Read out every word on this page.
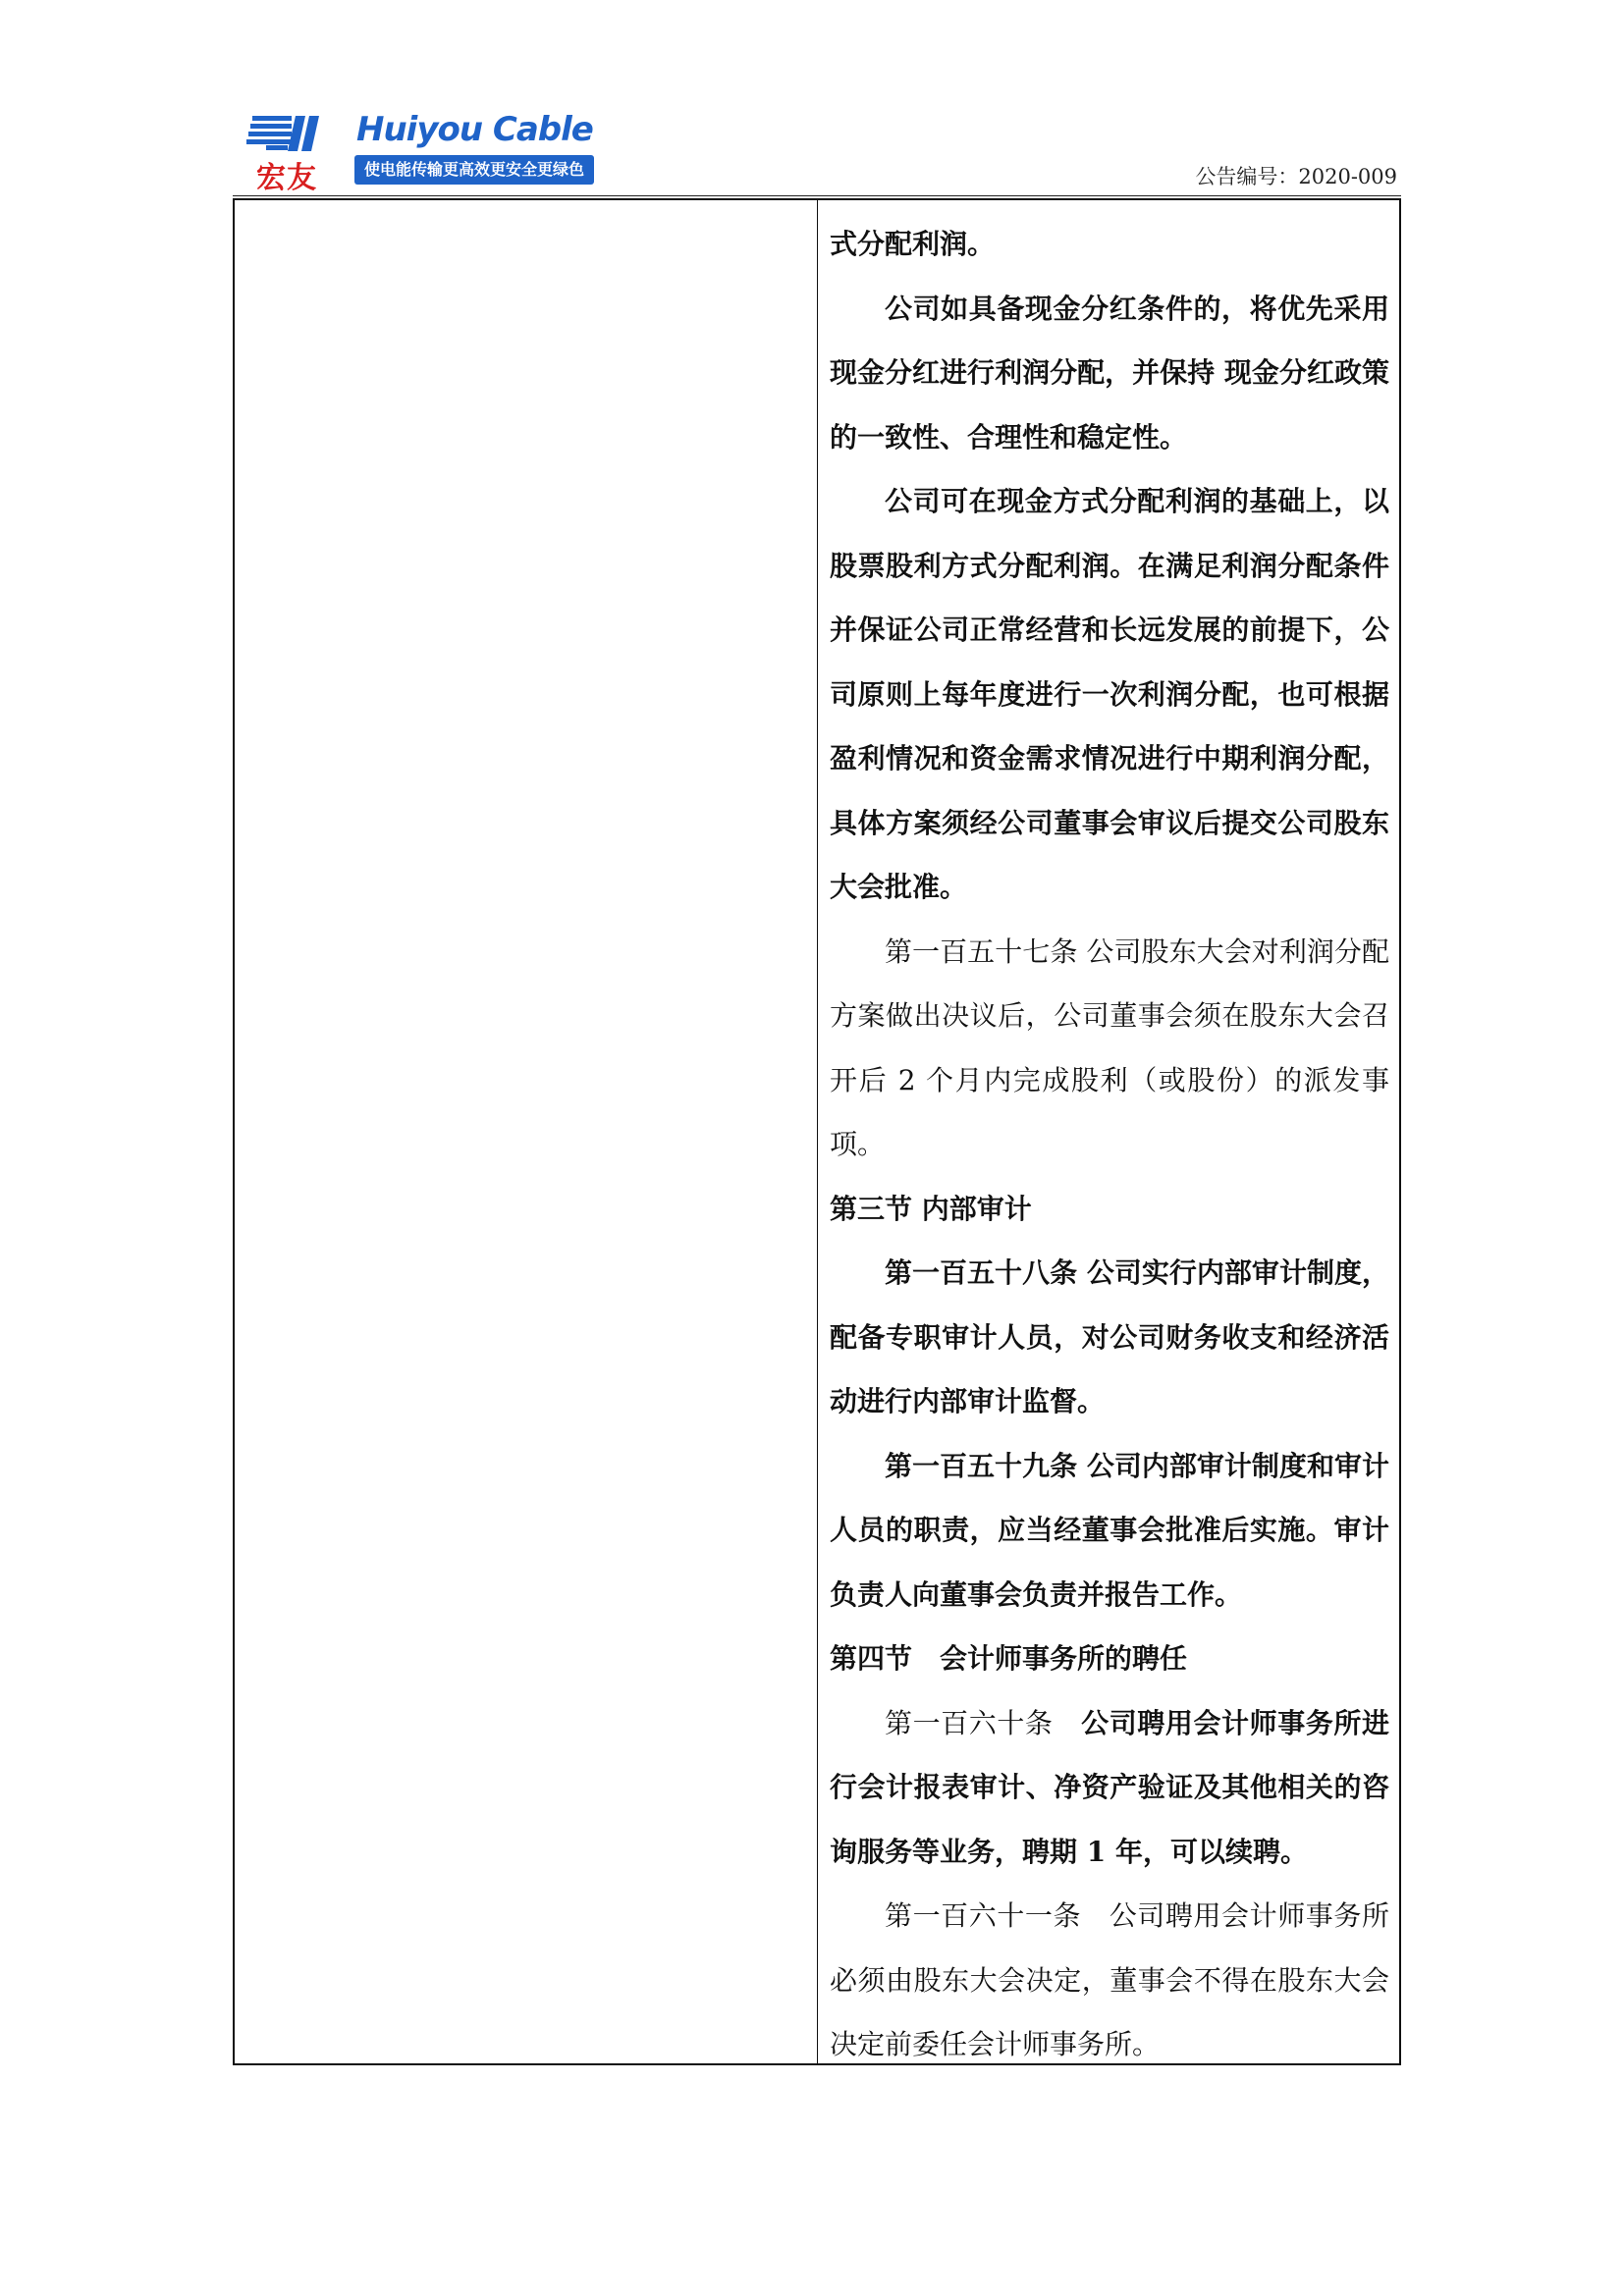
宏友
Huiyou Cable
使电能传输更高效更安全更绿色	公告编号：2020-009

式分配利润。

公司如具备现金分红条件的，将优先采用现金分红进行利润分配，并保持 现金分红政策的一致性、合理性和稳定性。

公司可在现金方式分配利润的基础上，以股票股利方式分配利润。在满足利润分配条件并保证公司正常经营和长远发展的前提下，公司原则上每年度进行一次利润分配，也可根据盈利情况和资金需求情况进行中期利润分配，具体方案须经公司董事会审议后提交公司股东大会批准。

第一百五十七条 公司股东大会对利润分配方案做出决议后，公司董事会须在股东大会召开后 2 个月内完成股利（或股份）的派发事项。

第三节 内部审计

第一百五十八条 公司实行内部审计制度，配备专职审计人员，对公司财务收支和经济活动进行内部审计监督。

第一百五十九条 公司内部审计制度和审计人员的职责，应当经董事会批准后实施。审计负责人向董事会负责并报告工作。

第四节　会计师事务所的聘任

第一百六十条　公司聘用会计师事务所进行会计报表审计、净资产验证及其他相关的咨询服务等业务，聘期 1 年，可以续聘。

第一百六十一条　公司聘用会计师事务所必须由股东大会决定，董事会不得在股东大会决定前委任会计师事务所。
